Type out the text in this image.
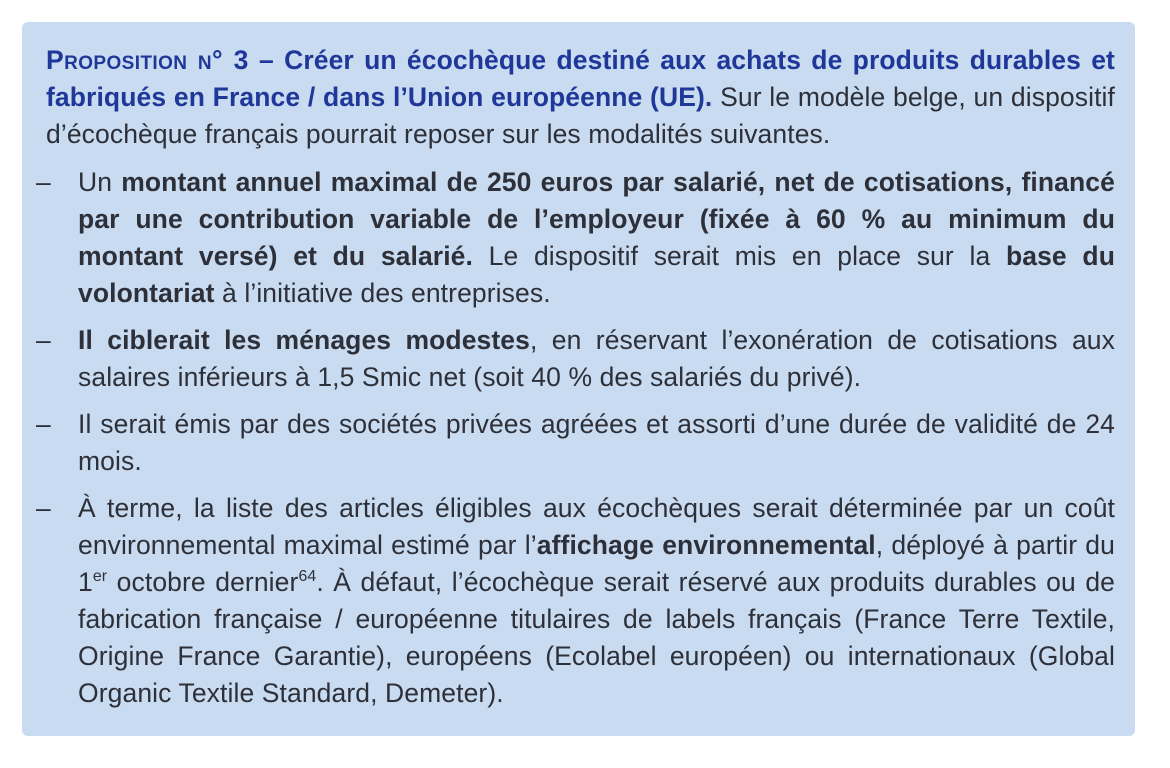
Proposition n° 3 – Créer un écochèque destiné aux achats de produits durables et fabriqués en France / dans l’Union européenne (UE). Sur le modèle belge, un dispositif d’écochèque français pourrait reposer sur les modalités suivantes.

–	Un montant annuel maximal de 250 euros par salarié, net de cotisations, financé par une contribution variable de l’employeur (fixée à 60 % au minimum du montant versé) et du salarié. Le dispositif serait mis en place sur la base du volontariat à l’initiative des entreprises.

–	Il ciblerait les ménages modestes, en réservant l’exonération de cotisations aux salaires inférieurs à 1,5 Smic net (soit 40 % des salariés du privé).

–	Il serait émis par des sociétés privées agréées et assorti d’une durée de validité de 24 mois.

–	À terme, la liste des articles éligibles aux écochèques serait déterminée par un coût environnemental maximal estimé par l’affichage environnemental, déployé à partir du 1er octobre dernier$^{64}$. À défaut, l’écochèque serait réservé aux produits durables ou de fabrication française / européenne titulaires de labels français (France Terre Textile, Origine France Garantie), européens (Ecolabel européen) ou internationaux (Global Organic Textile Standard, Demeter).
